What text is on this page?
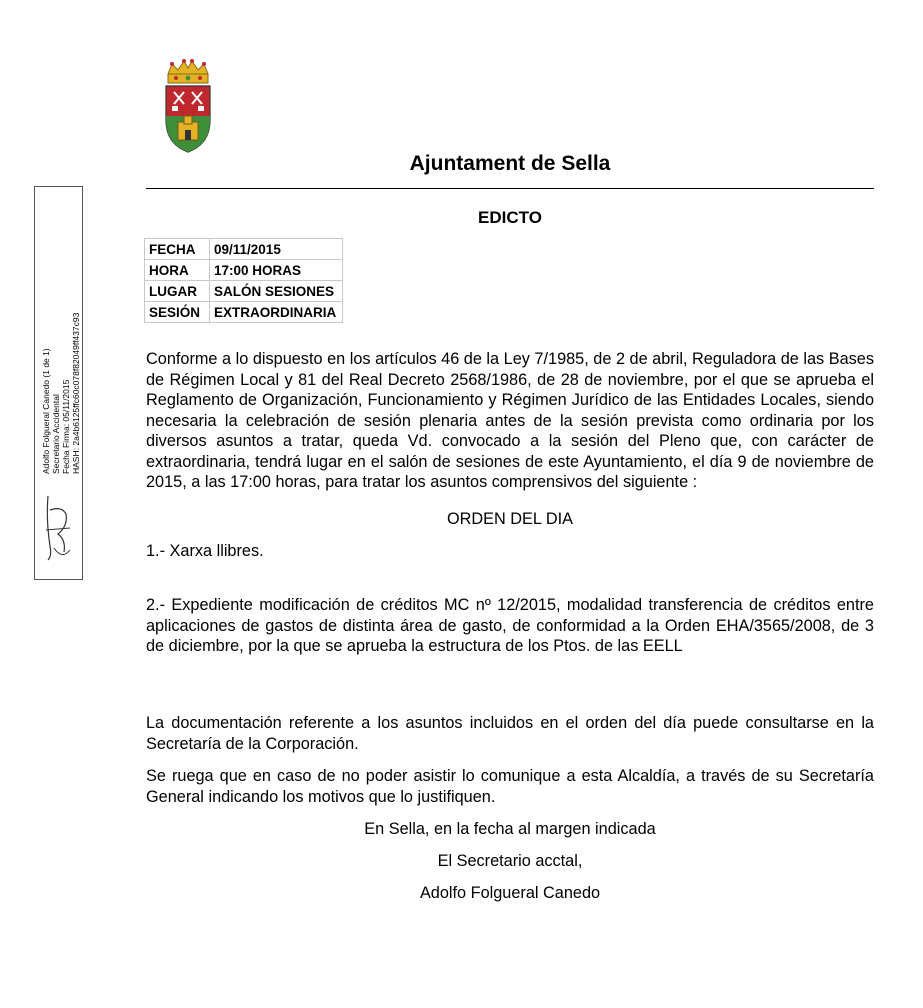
Ajuntament de Sella
EDICTO
FECHA	09/11/2015
HORA	17:00 HORAS
LUGAR	SALÓN SESIONES
SESIÓN	EXTRAORDINARIA
Conforme a lo dispuesto en los artículos 46 de la Ley 7/1985, de 2 de abril, Reguladora de las Bases de Régimen Local y 81 del Real Decreto 2568/1986, de 28 de noviembre, por el que se aprueba el Reglamento de Organización, Funcionamiento y Régimen Jurídico de las Entidades Locales, siendo necesaria la celebración de sesión plenaria antes de la sesión prevista como ordinaria por los diversos asuntos a tratar, queda Vd. convocado a la sesión del Pleno que, con carácter de extraordinaria, tendrá lugar en el salón de sesiones de este Ayuntamiento, el día 9 de noviembre de 2015, a las 17:00 horas, para tratar los asuntos comprensivos del siguiente :
ORDEN DEL DIA
1.- Xarxa llibres.
2.- Expediente modificación de créditos MC nº 12/2015, modalidad transferencia de créditos entre aplicaciones de gastos de distinta área de gasto, de conformidad a la Orden EHA/3565/2008, de 3 de diciembre, por la que se aprueba la estructura de los Ptos. de las EELL
La documentación referente a los asuntos incluidos en el orden del día puede consultarse en la Secretaría de la Corporación.
Se ruega que en caso de no poder asistir lo comunique a esta Alcaldía, a través de su Secretaría General indicando los motivos que lo justifiquen.
En Sella, en la fecha al margen indicada
El Secretario acctal,
Adolfo Folgueral Canedo
Adolfo Folgueral Canedo (1 de 1) Secretario Accidental Fecha Firma: 05/11/2015 HASH: 2a4b6125ffc60c078f82049ff437c93
